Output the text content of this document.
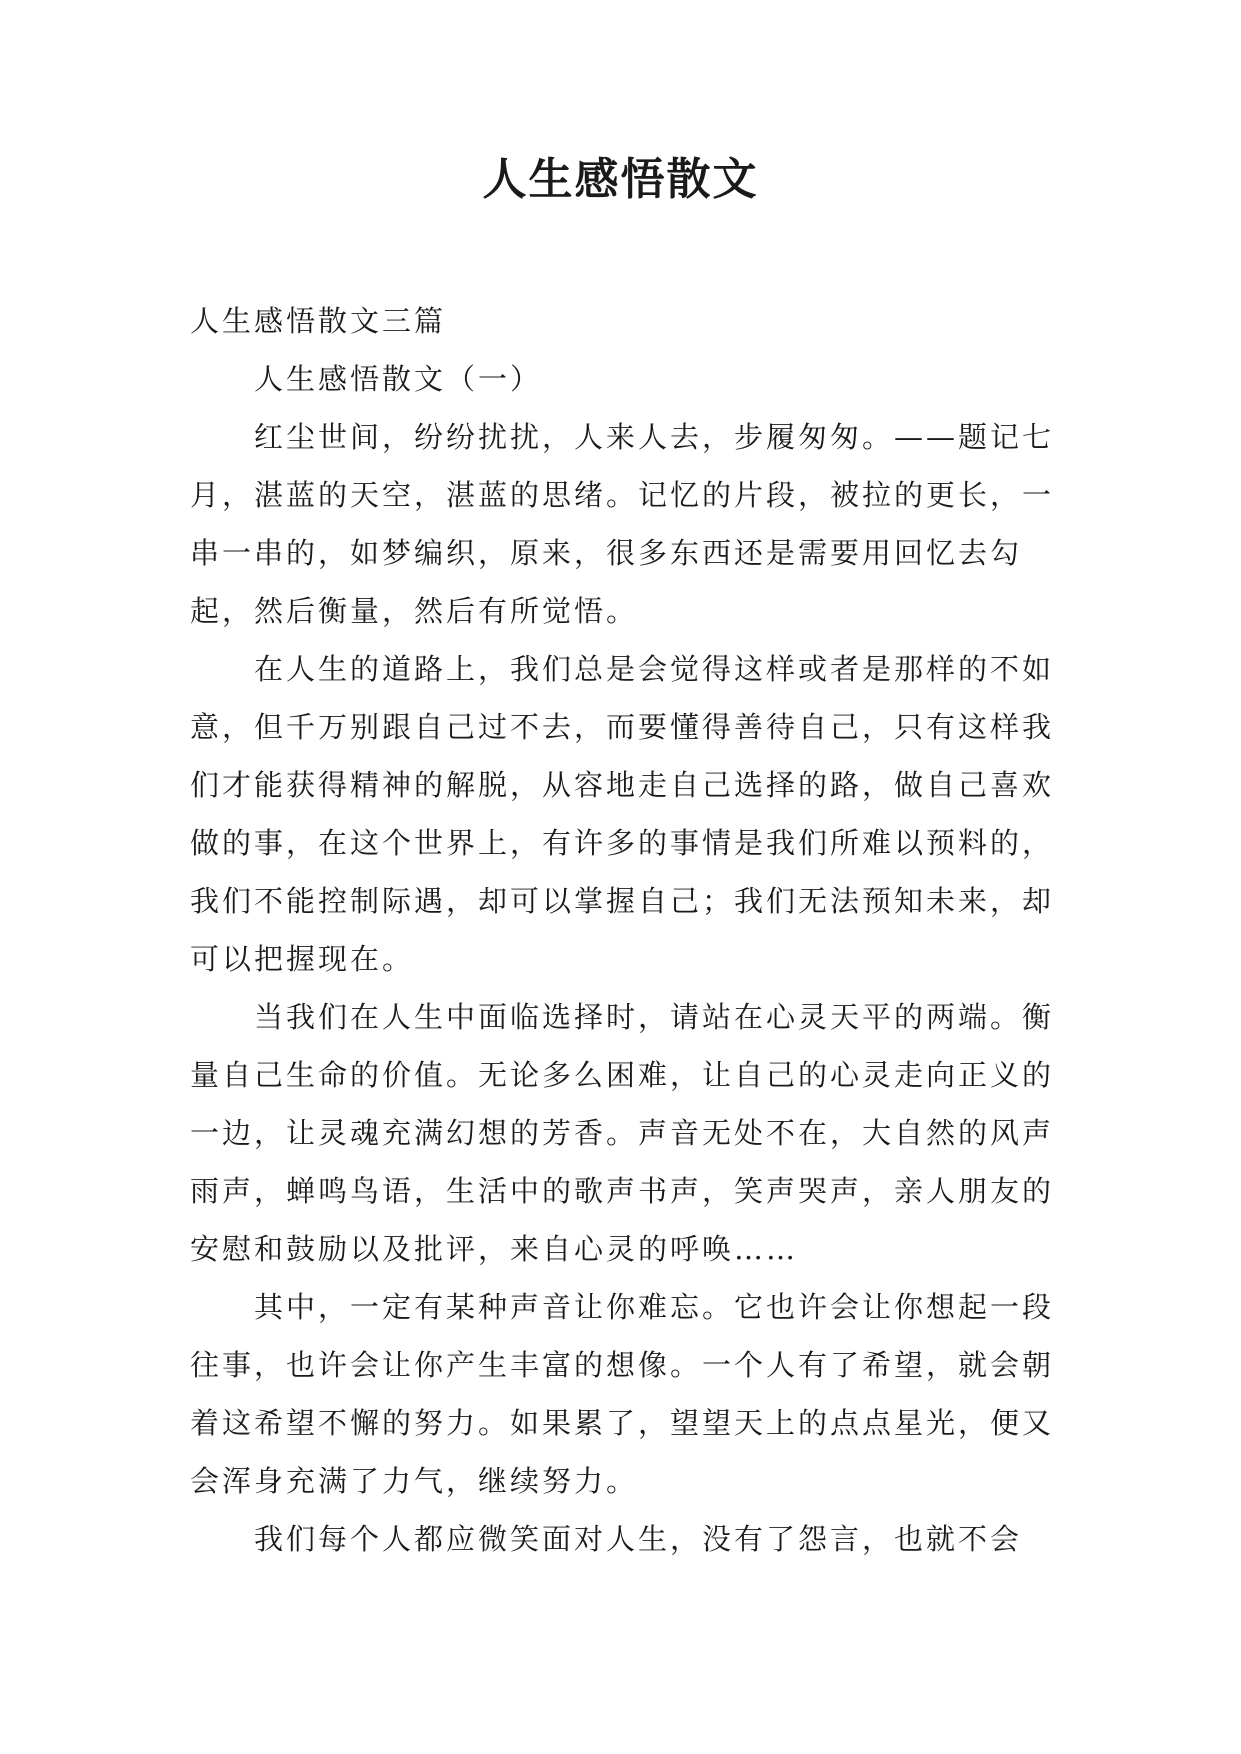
人生感悟散文

人生感悟散文三篇

人生感悟散文（一）

红尘世间，纷纷扰扰，人来人去，步履匆匆。——题记七月，湛蓝的天空，湛蓝的思绪。记忆的片段，被拉的更长，一串一串的，如梦编织，原来，很多东西还是需要用回忆去勾起，然后衡量，然后有所觉悟。

在人生的道路上，我们总是会觉得这样或者是那样的不如意，但千万别跟自己过不去，而要懂得善待自己，只有这样我们才能获得精神的解脱，从容地走自己选择的路，做自己喜欢做的事，在这个世界上，有许多的事情是我们所难以预料的，我们不能控制际遇，却可以掌握自己；我们无法预知未来，却可以把握现在。

当我们在人生中面临选择时，请站在心灵天平的两端。衡量自己生命的价值。无论多么困难，让自己的心灵走向正义的一边，让灵魂充满幻想的芳香。声音无处不在，大自然的风声雨声，蝉鸣鸟语，生活中的歌声书声，笑声哭声，亲人朋友的安慰和鼓励以及批评，来自心灵的呼唤……

其中，一定有某种声音让你难忘。它也许会让你想起一段往事，也许会让你产生丰富的想像。一个人有了希望，就会朝着这希望不懈的努力。如果累了，望望天上的点点星光，便又会浑身充满了力气，继续努力。

我们每个人都应微笑面对人生，没有了怨言，也就不会
